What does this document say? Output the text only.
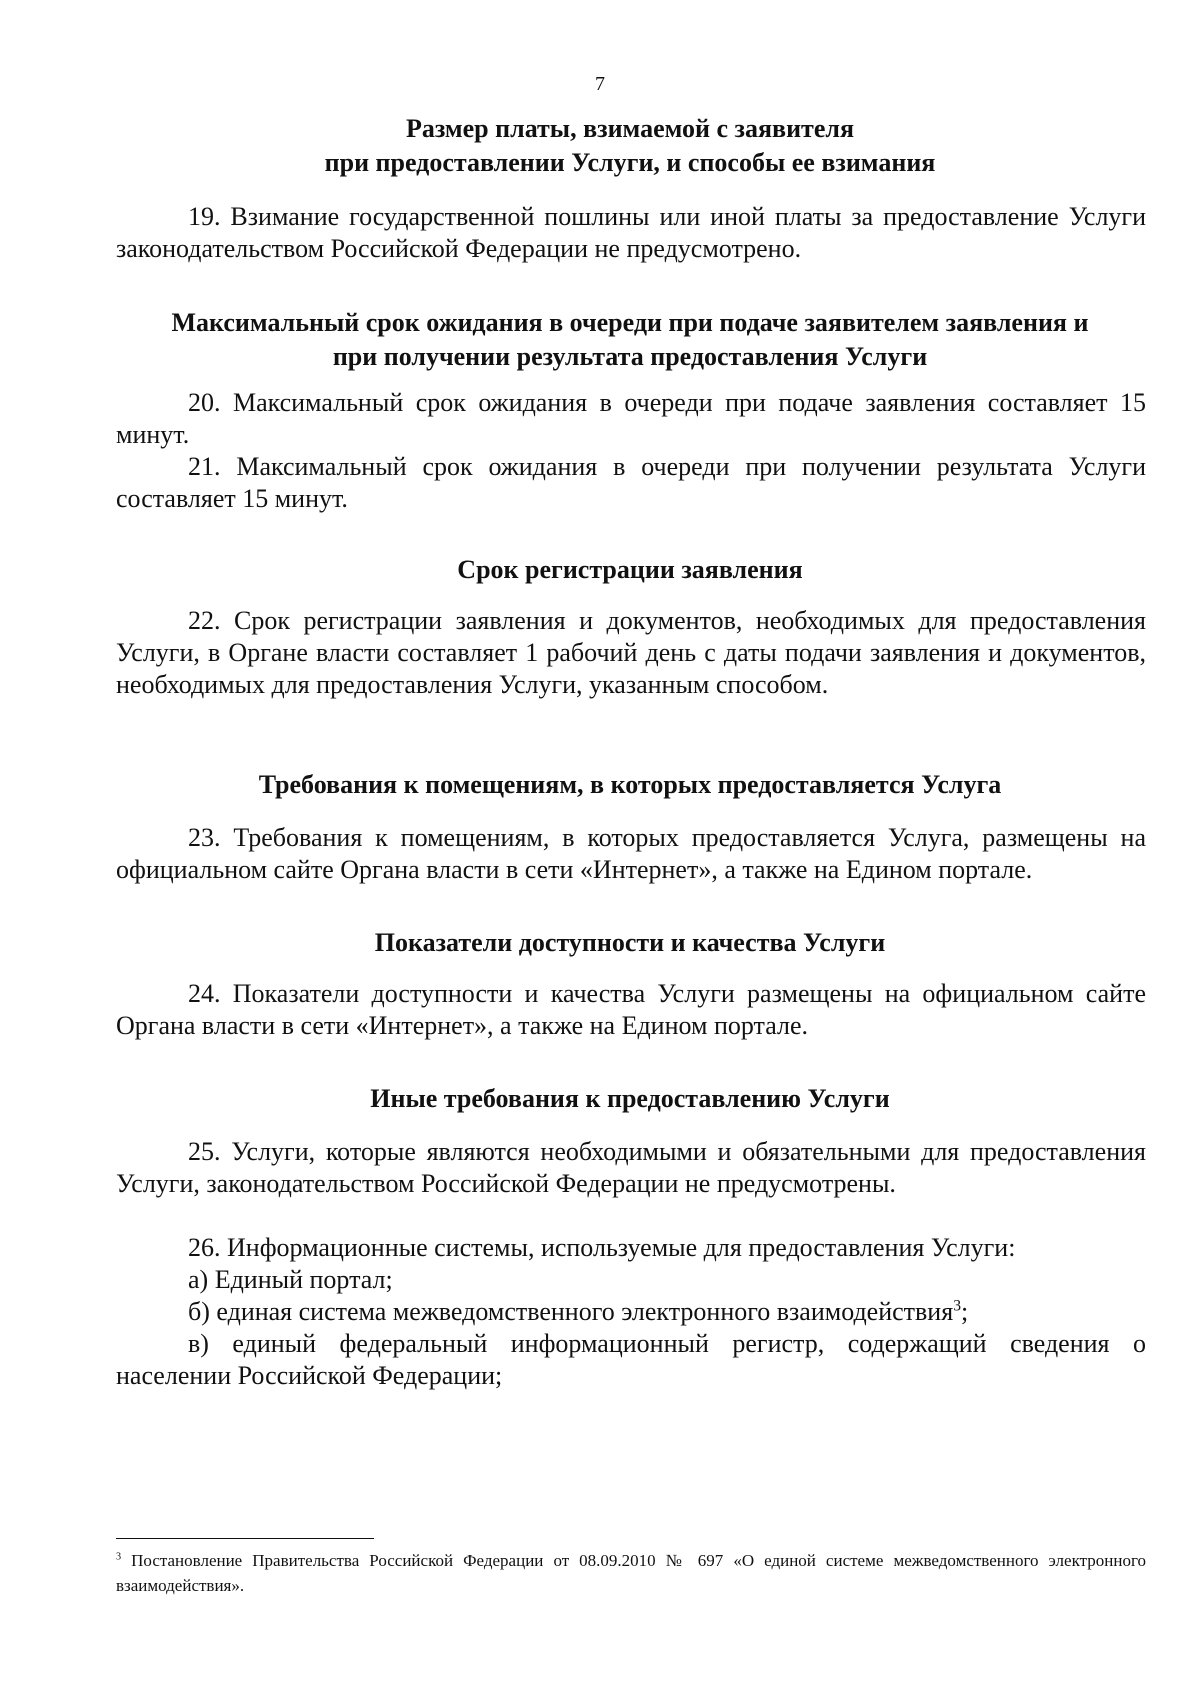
7
Размер платы, взимаемой с заявителя
при предоставлении Услуги, и способы ее взимания

19. Взимание государственной пошлины или иной платы за предоставление Услуги законодательством Российской Федерации не предусмотрено.

Максимальный срок ожидания в очереди при подаче заявителем заявления и
при получении результата предоставления Услуги

20. Максимальный срок ожидания в очереди при подаче заявления составляет 15 минут.

21. Максимальный срок ожидания в очереди при получении результата Услуги составляет 15 минут.

Срок регистрации заявления

22. Срок регистрации заявления и документов, необходимых для предоставления Услуги, в Органе власти составляет 1 рабочий день с даты подачи заявления и документов, необходимых для предоставления Услуги, указанным способом.

Требования к помещениям, в которых предоставляется Услуга

23. Требования к помещениям, в которых предоставляется Услуга, размещены на официальном сайте Органа власти в сети «Интернет», а также на Едином портале.

Показатели доступности и качества Услуги

24. Показатели доступности и качества Услуги размещены на официальном сайте Органа власти в сети «Интернет», а также на Едином портале.

Иные требования к предоставлению Услуги

25. Услуги, которые являются необходимыми и обязательными для предоставления Услуги, законодательством Российской Федерации не предусмотрены.

26. Информационные системы, используемые для предоставления Услуги:

а) Единый портал;

б) единая система межведомственного электронного взаимодействия$^3$;

в) единый федеральный информационный регистр, содержащий сведения о населении Российской Федерации;

$^3$ Постановление Правительства Российской Федерации от 08.09.2010 № 697 «О единой системе межведомственного электронного взаимодействия».
